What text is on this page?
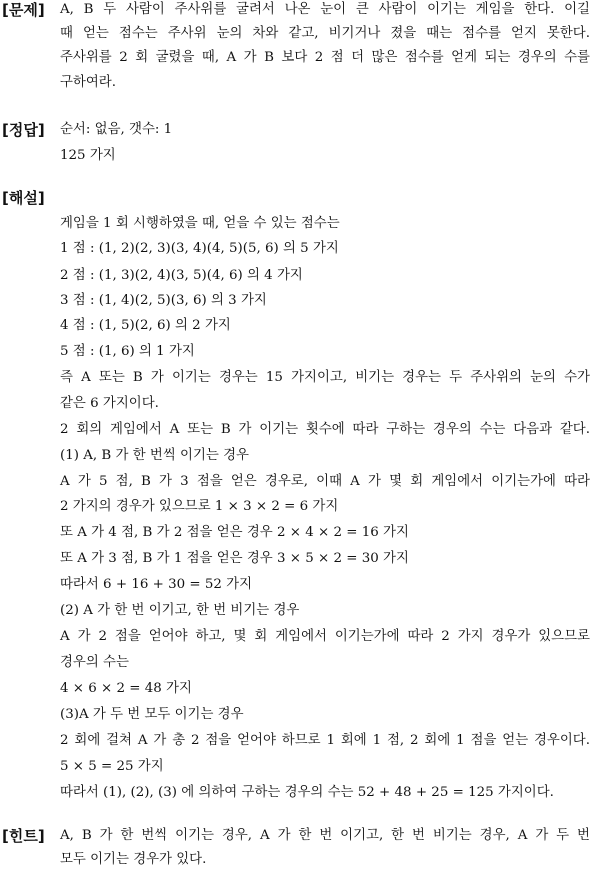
[문제] A, B 두 사람이 주사위를 굴려서 나온 눈이 큰 사람이 이기는 게임을 한다. 이길
때 얻는 점수는 주사위 눈의 차와 같고, 비기거나 졌을 때는 점수를 얻지 못한다.
주사위를 2 회 굴렸을 때, A 가 B 보다 2 점 더 많은 점수를 얻게 되는 경우의 수를
구하여라.
[정답] 순서: 없음, 갯수: 1
125 가지
[해설]
게임을 1 회 시행하였을 때, 얻을 수 있는 점수는
1 점 : (1, 2)(2, 3)(3, 4)(4, 5)(5, 6) 의 5 가지
2 점 : (1, 3)(2, 4)(3, 5)(4, 6) 의 4 가지
3 점 : (1, 4)(2, 5)(3, 6) 의 3 가지
4 점 : (1, 5)(2, 6) 의 2 가지
5 점 : (1, 6) 의 1 가지
즉 A 또는 B 가 이기는 경우는 15 가지이고, 비기는 경우는 두 주사위의 눈의 수가
같은 6 가지이다.
2 회의 게임에서 A 또는 B 가 이기는 횟수에 따라 구하는 경우의 수는 다음과 같다.
(1) A, B 가 한 번씩 이기는 경우
A 가 5 점, B 가 3 점을 얻은 경우로, 이때 A 가 몇 회 게임에서 이기는가에 따라
2 가지의 경우가 있으므로 1 × 3 × 2 = 6 가지
또 A 가 4 점, B 가 2 점을 얻은 경우 2 × 4 × 2 = 16 가지
또 A 가 3 점, B 가 1 점을 얻은 경우 3 × 5 × 2 = 30 가지
따라서 6 + 16 + 30 = 52 가지
(2) A 가 한 번 이기고, 한 번 비기는 경우
A 가 2 점을 얻어야 하고, 몇 회 게임에서 이기는가에 따라 2 가지 경우가 있으므로
경우의 수는
4 × 6 × 2 = 48 가지
(3)A 가 두 번 모두 이기는 경우
2 회에 걸쳐 A 가 총 2 점을 얻어야 하므로 1 회에 1 점, 2 회에 1 점을 얻는 경우이다.
5 × 5 = 25 가지
따라서 (1), (2), (3) 에 의하여 구하는 경우의 수는 52 + 48 + 25 = 125 가지이다.
[힌트] A, B 가 한 번씩 이기는 경우, A 가 한 번 이기고, 한 번 비기는 경우, A 가 두 번
모두 이기는 경우가 있다.
